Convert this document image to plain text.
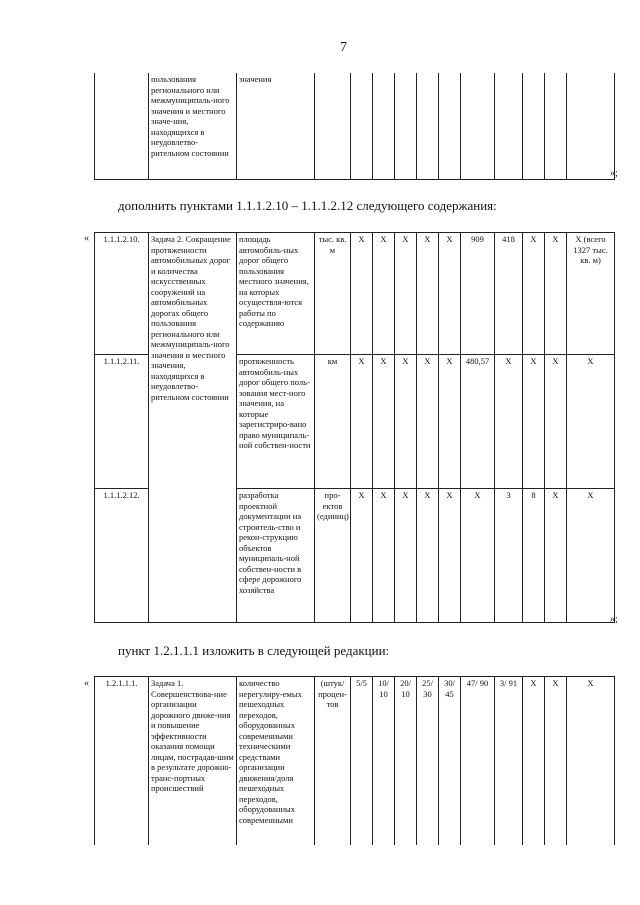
7
	пользования регионального или межмуниципаль-ного значения и местного значе-ния, находящихся в неудовлетво-рительном состоянии	значения											
»;
дополнить пунктами 1.1.1.2.10 – 1.1.1.2.12 следующего содержания:
« 1.1.1.2.10.	Задача 2. Сокращение протяженности автомобильных дорог и количества искусственных сооружений на автомобильных дорогах общего пользования регионального или межмуниципаль-ного значения и местного значения, находящихся в неудовлетво-рительном состоянии	площадь автомобиль-ных дорог общего пользования местного значения, на которых осуществля-ются работы по содержанию	тыс. кв. м	X	X	X	X	X	909	418	X	X	X (всего 1327 тыс. кв. м)
1.1.1.2.11.		протяженность автомобиль-ных дорог общего поль-зования мест-ного значения, на которые зарегистриро-вано право муниципаль-ной собствен-ности	км	X	X	X	X	X	480,57	X	X	X	X
1.1.1.2.12.		разработка проектной документации на строитель-ство и рекон-струкцию объектов муниципаль-ной собствен-ности в сфере дорожного хозяйства	про-ектов (единиц)	X	X	X	X	X	X	3	8	X	X
»;
пункт 1.2.1.1.1 изложить в следующей редакции:
« 1.2.1.1.1.	Задача 1. Совершенствова-ние организации дорожного движе-ния и повышение эффективности оказания помощи лицам, пострадав-шим в результате дорожно-транс-портных происшествий	количество нерегулиру-емых пешеходных переходов, оборудованных современными техническими средствами организации движения/доля пешеходных переходов, оборудованных современными	(штук/ процен-тов	5/5	10/ 10	20/ 10	25/ 30	30/ 45	47/ 90	3/ 91	X	X	X
